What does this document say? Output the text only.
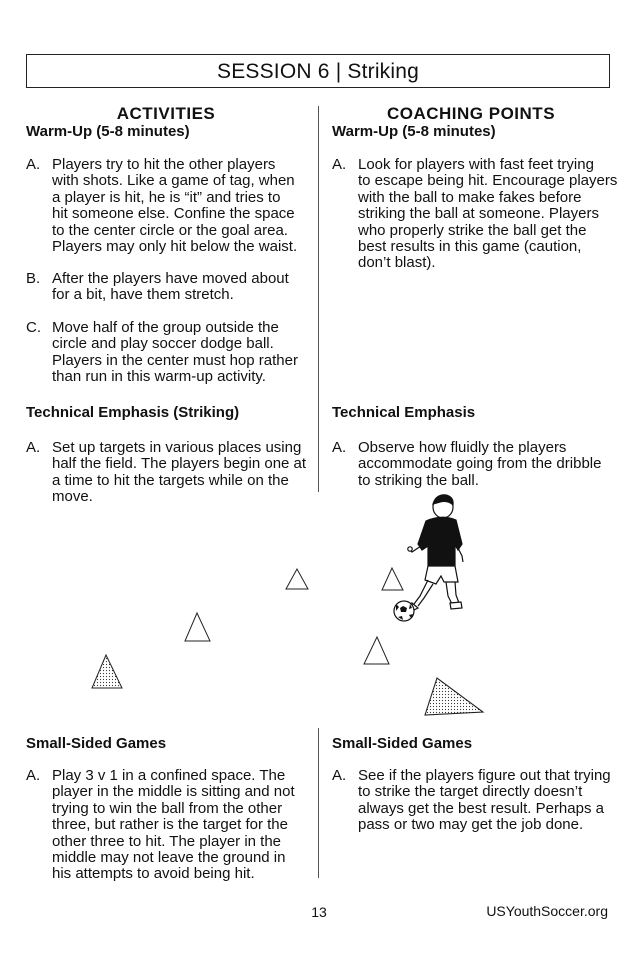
SESSION 6 | Striking
ACTIVITIES	COACHING POINTS
Warm-Up (5-8 minutes)	Warm-Up (5-8 minutes)
A. Players try to hit the other players
with shots. Like a game of tag, when
a player is hit, he is “it” and tries to
hit someone else. Confine the space
to the center circle or the goal area.
Players may only hit below the waist.
B. After the players have moved about
for a bit, have them stretch.
C. Move half of the group outside the
circle and play soccer dodge ball.
Players in the center must hop rather
than run in this warm-up activity.
A. Look for players with fast feet trying
to escape being hit. Encourage players
with the ball to make fakes before
striking the ball at someone. Players
who properly strike the ball get the
best results in this game (caution,
don’t blast).
Technical Emphasis (Striking)	Technical Emphasis
A. Set up targets in various places using
half the field. The players begin one at
a time to hit the targets while on the
move.
A. Observe how fluidly the players
accommodate going from the dribble
to striking the ball.
Small-Sided Games	Small-Sided Games
A. Play 3 v 1 in a confined space. The
player in the middle is sitting and not
trying to win the ball from the other
three, but rather is the target for the
other three to hit. The player in the
middle may not leave the ground in
his attempts to avoid being hit.
A. See if the players figure out that trying
to strike the target directly doesn’t
always get the best result. Perhaps a
pass or two may get the job done.
13	USYouthSoccer.org
